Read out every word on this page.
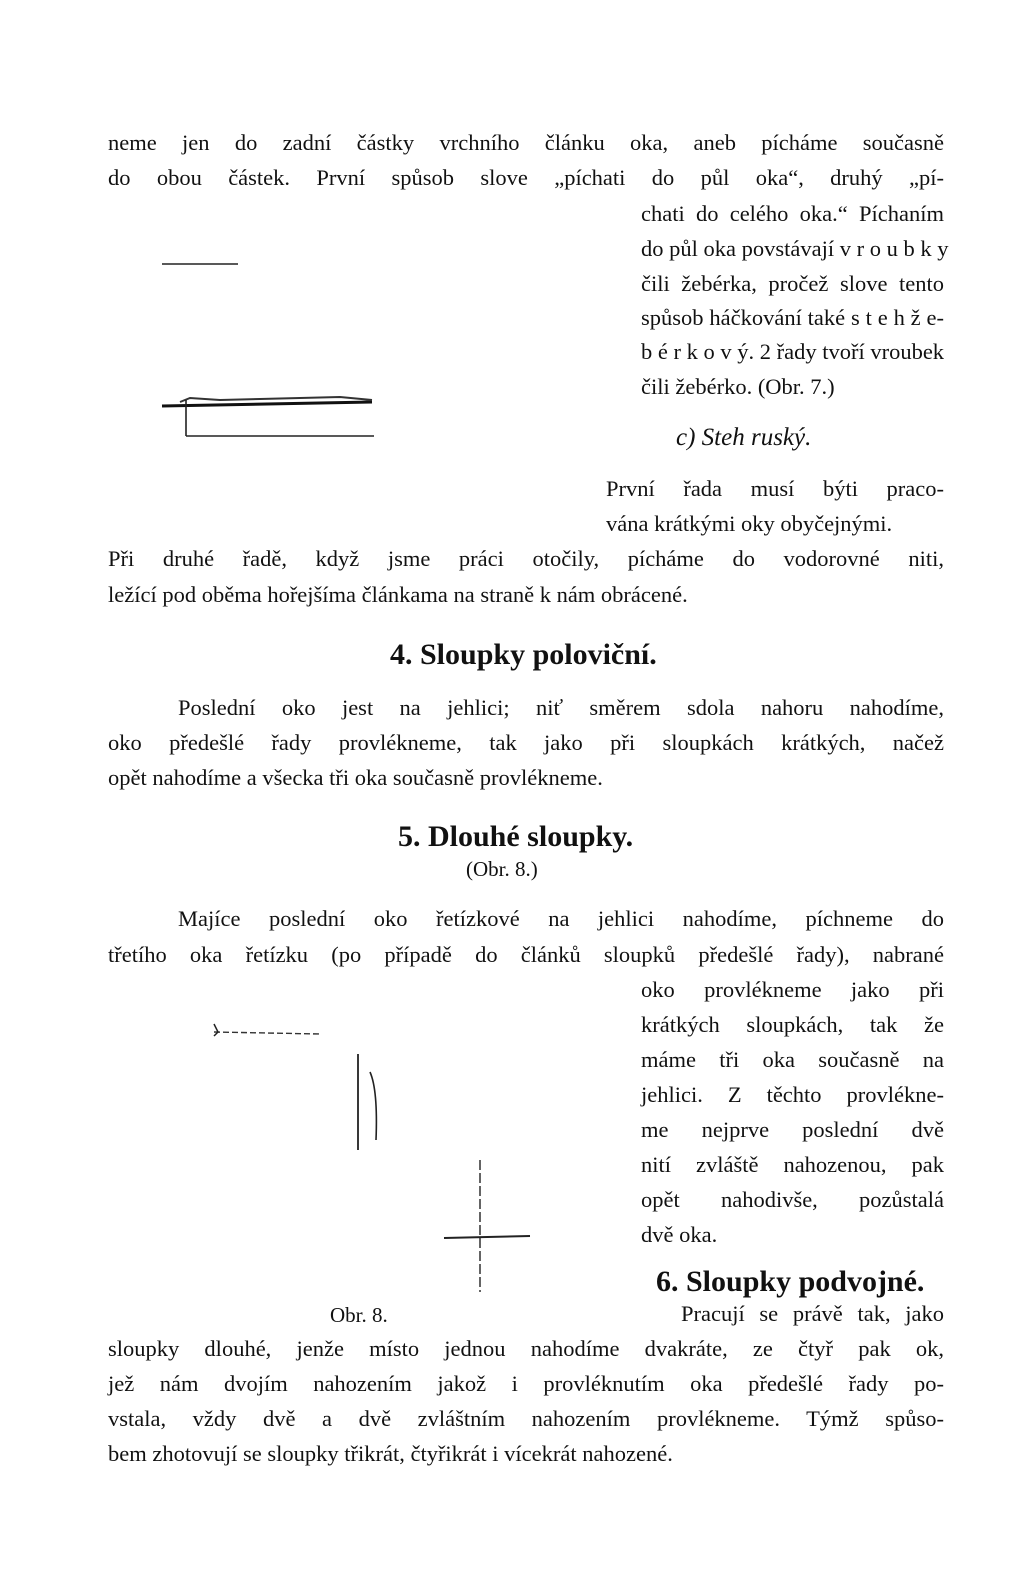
neme jen do zadní částky vrchního článku oka, aneb pícháme současně
do obou částek. První spůsob slove „píchati do půl oka“, druhý „pí-
chati do celého oka.“ Píchaním
do půl oka povstávají v r o u b k y
čili žebérka, pročež slove tento
spůsob háčkování také s t e h ž e-
b é r k o v ý. 2 řady tvoří vroubek
čili žebérko. (Obr. 7.)
c) Steh ruský.
První řada musí býti praco-
vána krátkými oky obyčejnými.
Při druhé řadě, když jsme práci otočily, pícháme do vodorovné niti,
ležící pod oběma hořejšíma článkama na straně k nám obrácené.
4. Sloupky poloviční.
Poslední oko jest na jehlici; niť směrem sdola nahoru nahodíme,
oko předešlé řady provlékneme, tak jako při sloupkách krátkých, načež
opět nahodíme a všecka tři oka současně provlékneme.
5. Dlouhé sloupky.
(Obr. 8.)
Majíce poslední oko řetízkové na jehlici nahodíme, píchneme do
třetího oka řetízku (po případě do článků sloupků předešlé řady), nabrané
oko provlékneme jako při
krátkých sloupkách, tak že
máme tři oka současně na
jehlici. Z těchto provlékne-
me nejprve poslední dvě
nití zvláště nahozenou, pak
opět nahodivše, pozůstalá
dvě oka.
6. Sloupky podvojné.
Obr. 8.	Pracují se právě tak, jako
sloupky dlouhé, jenže místo jednou nahodíme dvakráte, ze čtyř pak ok,
jež nám dvojím nahozením jakož i provléknutím oka předešlé řady po-
vstala, vždy dvě a dvě zvláštním nahozením provlékneme. Týmž spůso-
bem zhotovují se sloupky třikrát, čtyřikrát i vícekrát nahozené.
